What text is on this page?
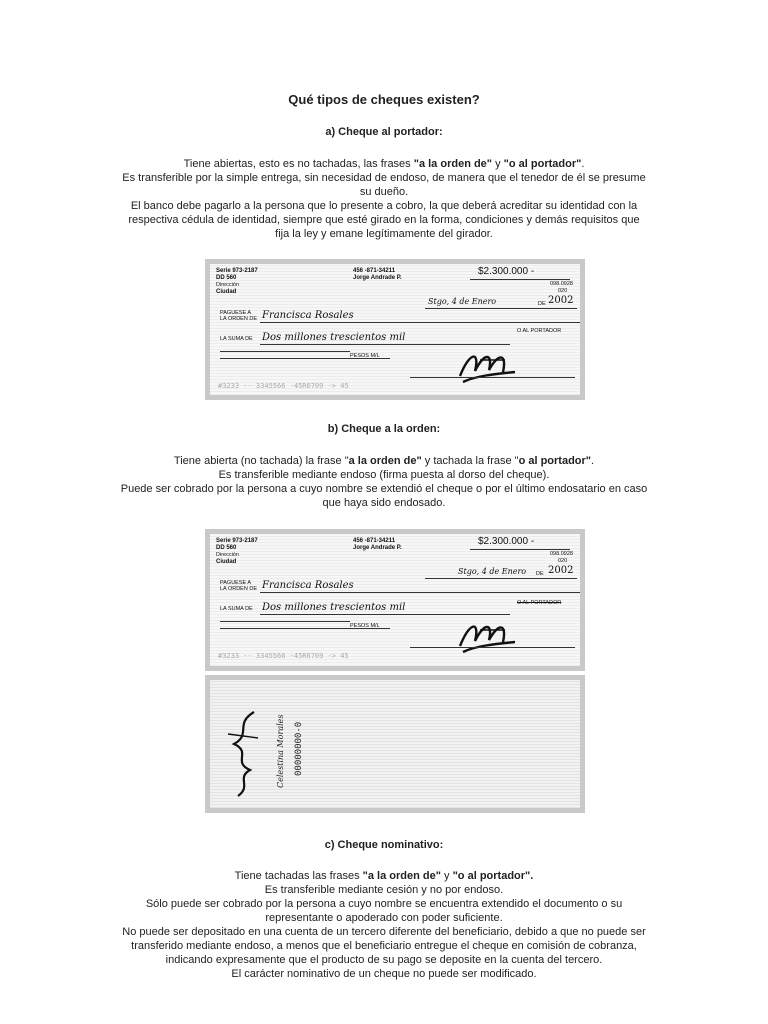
Qué tipos de cheques existen?
a) Cheque al portador:
Tiene abiertas, esto es no tachadas, las frases "a la orden de" y "o al portador".
Es transferible por la simple entrega, sin necesidad de endoso, de manera que el tenedor de él se presume su dueño.
El banco debe pagarlo a la persona que lo presente a cobro, la que deberá acreditar su identidad con la respectiva cédula de identidad, siempre que esté girado en la forma, condiciones y demás requisitos que fija la ley y emane legítimamente del girador.
Serie 973-2187
DD 560
Dirección
Ciudad
456 -871-34211
Jorge Andrade P.
$2.300.000 -
098.0928
020
Stgo, 4 de Enero	DE 2002
PAGUESE A
LA ORDEN DE Francisca Rosales
O AL PORTADOR
LA SUMA DE Dos millones trescientos mil
PESOS M/L
#3233 -- 3345566 -45R6709 -> 45
b) Cheque a la orden:
Tiene abierta (no tachada) la frase "a la orden de" y tachada la frase "o al portador".
Es transferible mediante endoso (firma puesta al dorso del cheque).
Puede ser cobrado por la persona a cuyo nombre se extendió el cheque o por el último endosatario en caso que haya sido endosado.
Serie 973-2187
DD 560
Dirección
Ciudad
456 -871-34211
Jorge Andrade P.
$2.300.000 -
098.0928
020
Stgo, 4 de Enero DE 2002
PAGUESE A
LA ORDEN DE Francisca Rosales
O AL PORTADOR
LA SUMA DE Dos millones trescientos mil
PESOS M/L
#3233 -- 3345566 -45R6709 -> 45
Celestina Morales 00000000-0
c) Cheque nominativo:
Tiene tachadas las frases "a la orden de" y "o al portador".
Es transferible mediante cesión y no por endoso.
Sólo puede ser cobrado por la persona a cuyo nombre se encuentra extendido el documento o su representante o apoderado con poder suficiente.
No puede ser depositado en una cuenta de un tercero diferente del beneficiario, debido a que no puede ser transferido mediante endoso, a menos que el beneficiario entregue el cheque en comisión de cobranza, indicando expresamente que el producto de su pago se deposite en la cuenta del tercero.
El carácter nominativo de un cheque no puede ser modificado.
